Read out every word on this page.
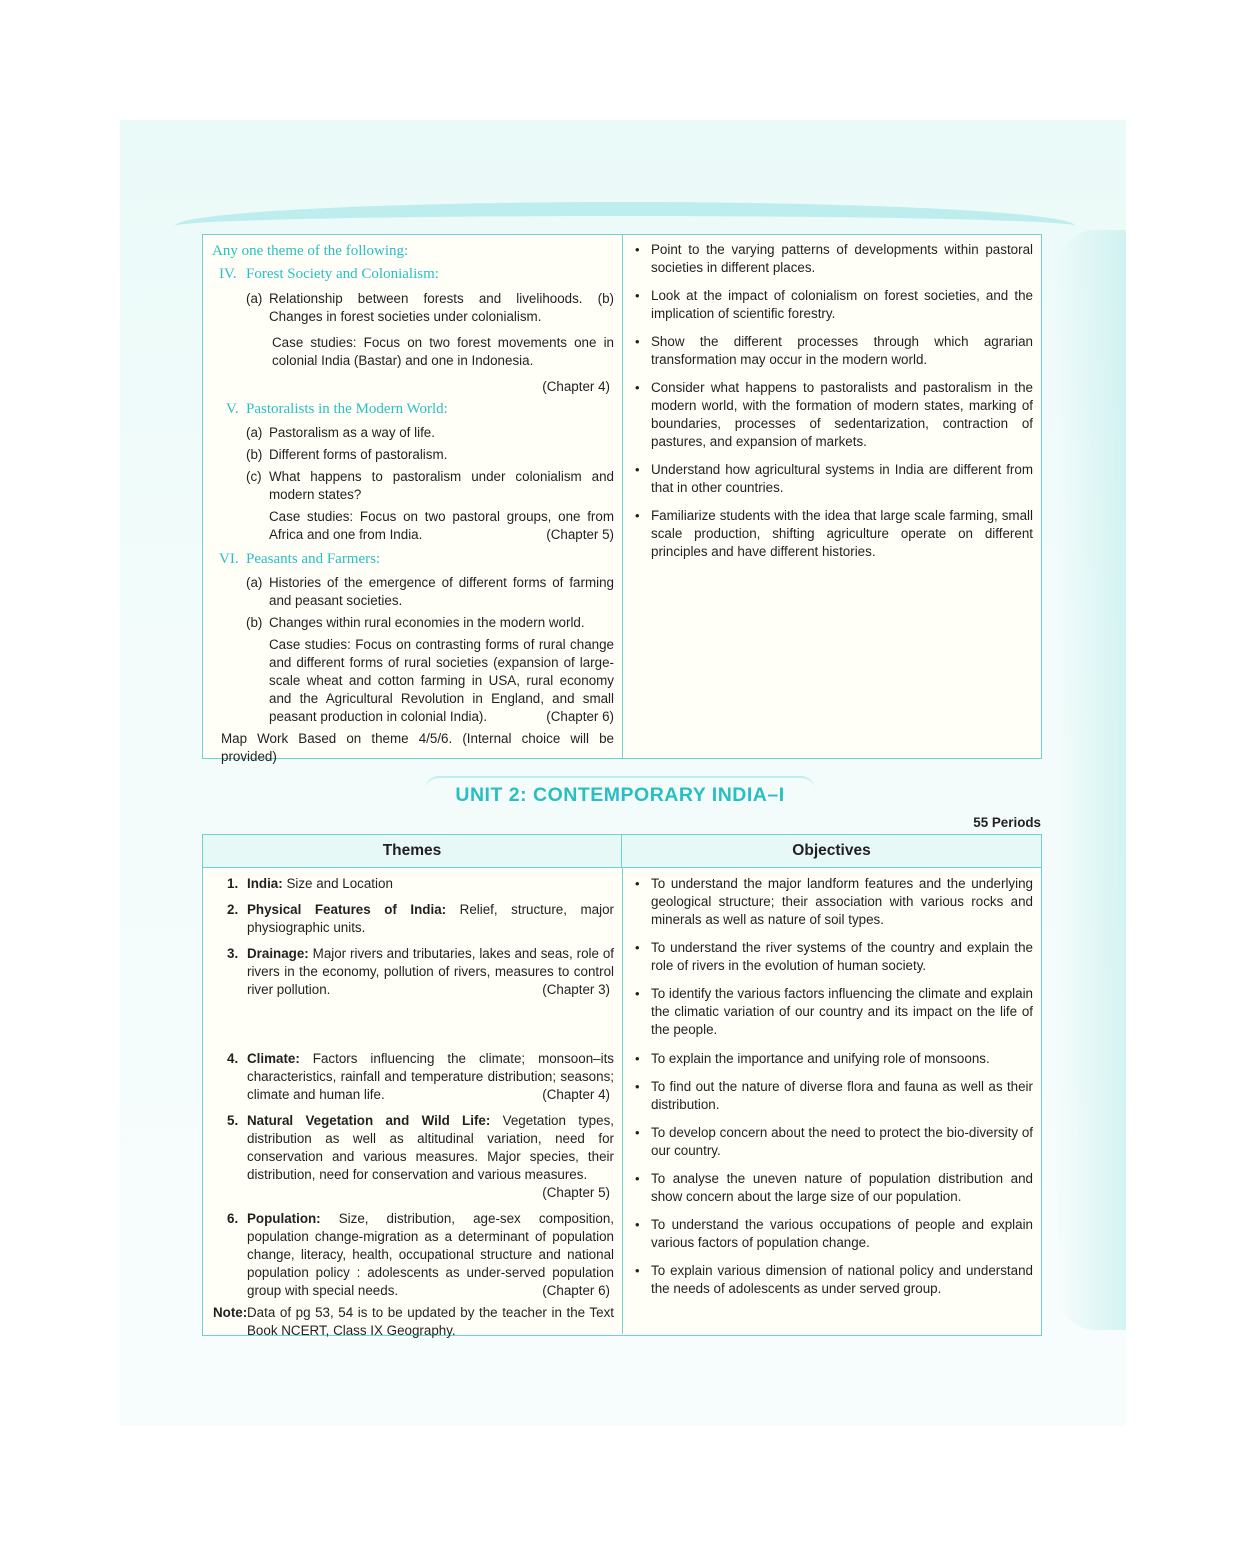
Any one theme of the following:
IV. Forest Society and Colonialism:
(a) Relationship between forests and livelihoods. (b) Changes in forest societies under colonialism.
Case studies: Focus on two forest movements one in colonial India (Bastar) and one in Indonesia.
(Chapter 4)
V. Pastoralists in the Modern World:
(a) Pastoralism as a way of life.
(b) Different forms of pastoralism.
(c) What happens to pastoralism under colonialism and modern states?
Case studies: Focus on two pastoral groups, one from Africa and one from India.	(Chapter 5)
VI. Peasants and Farmers:
(a) Histories of the emergence of different forms of farming and peasant societies.
(b) Changes within rural economies in the modern world.
Case studies: Focus on contrasting forms of rural change and different forms of rural societies (expansion of large-scale wheat and cotton farming in USA, rural economy and the Agricultural Revolution in England, and small peasant production in colonial India).	(Chapter 6)
Map Work Based on theme 4/5/6. (Internal choice will be provided)
• Point to the varying patterns of developments within pastoral societies in different places.
• Look at the impact of colonialism on forest societies, and the implication of scientific forestry.
• Show the different processes through which agrarian transformation may occur in the modern world.
• Consider what happens to pastoralists and pastoralism in the modern world, with the formation of modern states, marking of boundaries, processes of sedentarization, contraction of pastures, and expansion of markets.
• Understand how agricultural systems in India are different from that in other countries.
• Familiarize students with the idea that large scale farming, small scale production, shifting agriculture operate on different principles and have different histories.
UNIT 2: CONTEMPORARY INDIA–I
55 Periods
Themes	Objectives
1. India: Size and Location
2. Physical Features of India: Relief, structure, major physiographic units.
3. Drainage: Major rivers and tributaries, lakes and seas, role of rivers in the economy, pollution of rivers, measures to control river pollution.	(Chapter 3)
4. Climate: Factors influencing the climate; monsoon–its characteristics, rainfall and temperature distribution; seasons; climate and human life.	(Chapter 4)
5. Natural Vegetation and Wild Life: Vegetation types, distribution as well as altitudinal variation, need for conservation and various measures. Major species, their distribution, need for conservation and various measures.
(Chapter 5)
6. Population: Size, distribution, age-sex composition, population change-migration as a determinant of population change, literacy, health, occupational structure and national population policy : adolescents as under-served population group with special needs.	(Chapter 6)
Note: Data of pg 53, 54 is to be updated by the teacher in the Text Book NCERT, Class IX Geography.
• To understand the major landform features and the underlying geological structure; their association with various rocks and minerals as well as nature of soil types.
• To understand the river systems of the country and explain the role of rivers in the evolution of human society.
• To identify the various factors influencing the climate and explain the climatic variation of our country and its impact on the life of the people.
• To explain the importance and unifying role of monsoons.
• To find out the nature of diverse flora and fauna as well as their distribution.
• To develop concern about the need to protect the bio-diversity of our country.
• To analyse the uneven nature of population distribution and show concern about the large size of our population.
• To understand the various occupations of people and explain various factors of population change.
• To explain various dimension of national policy and understand the needs of adolescents as under served group.
